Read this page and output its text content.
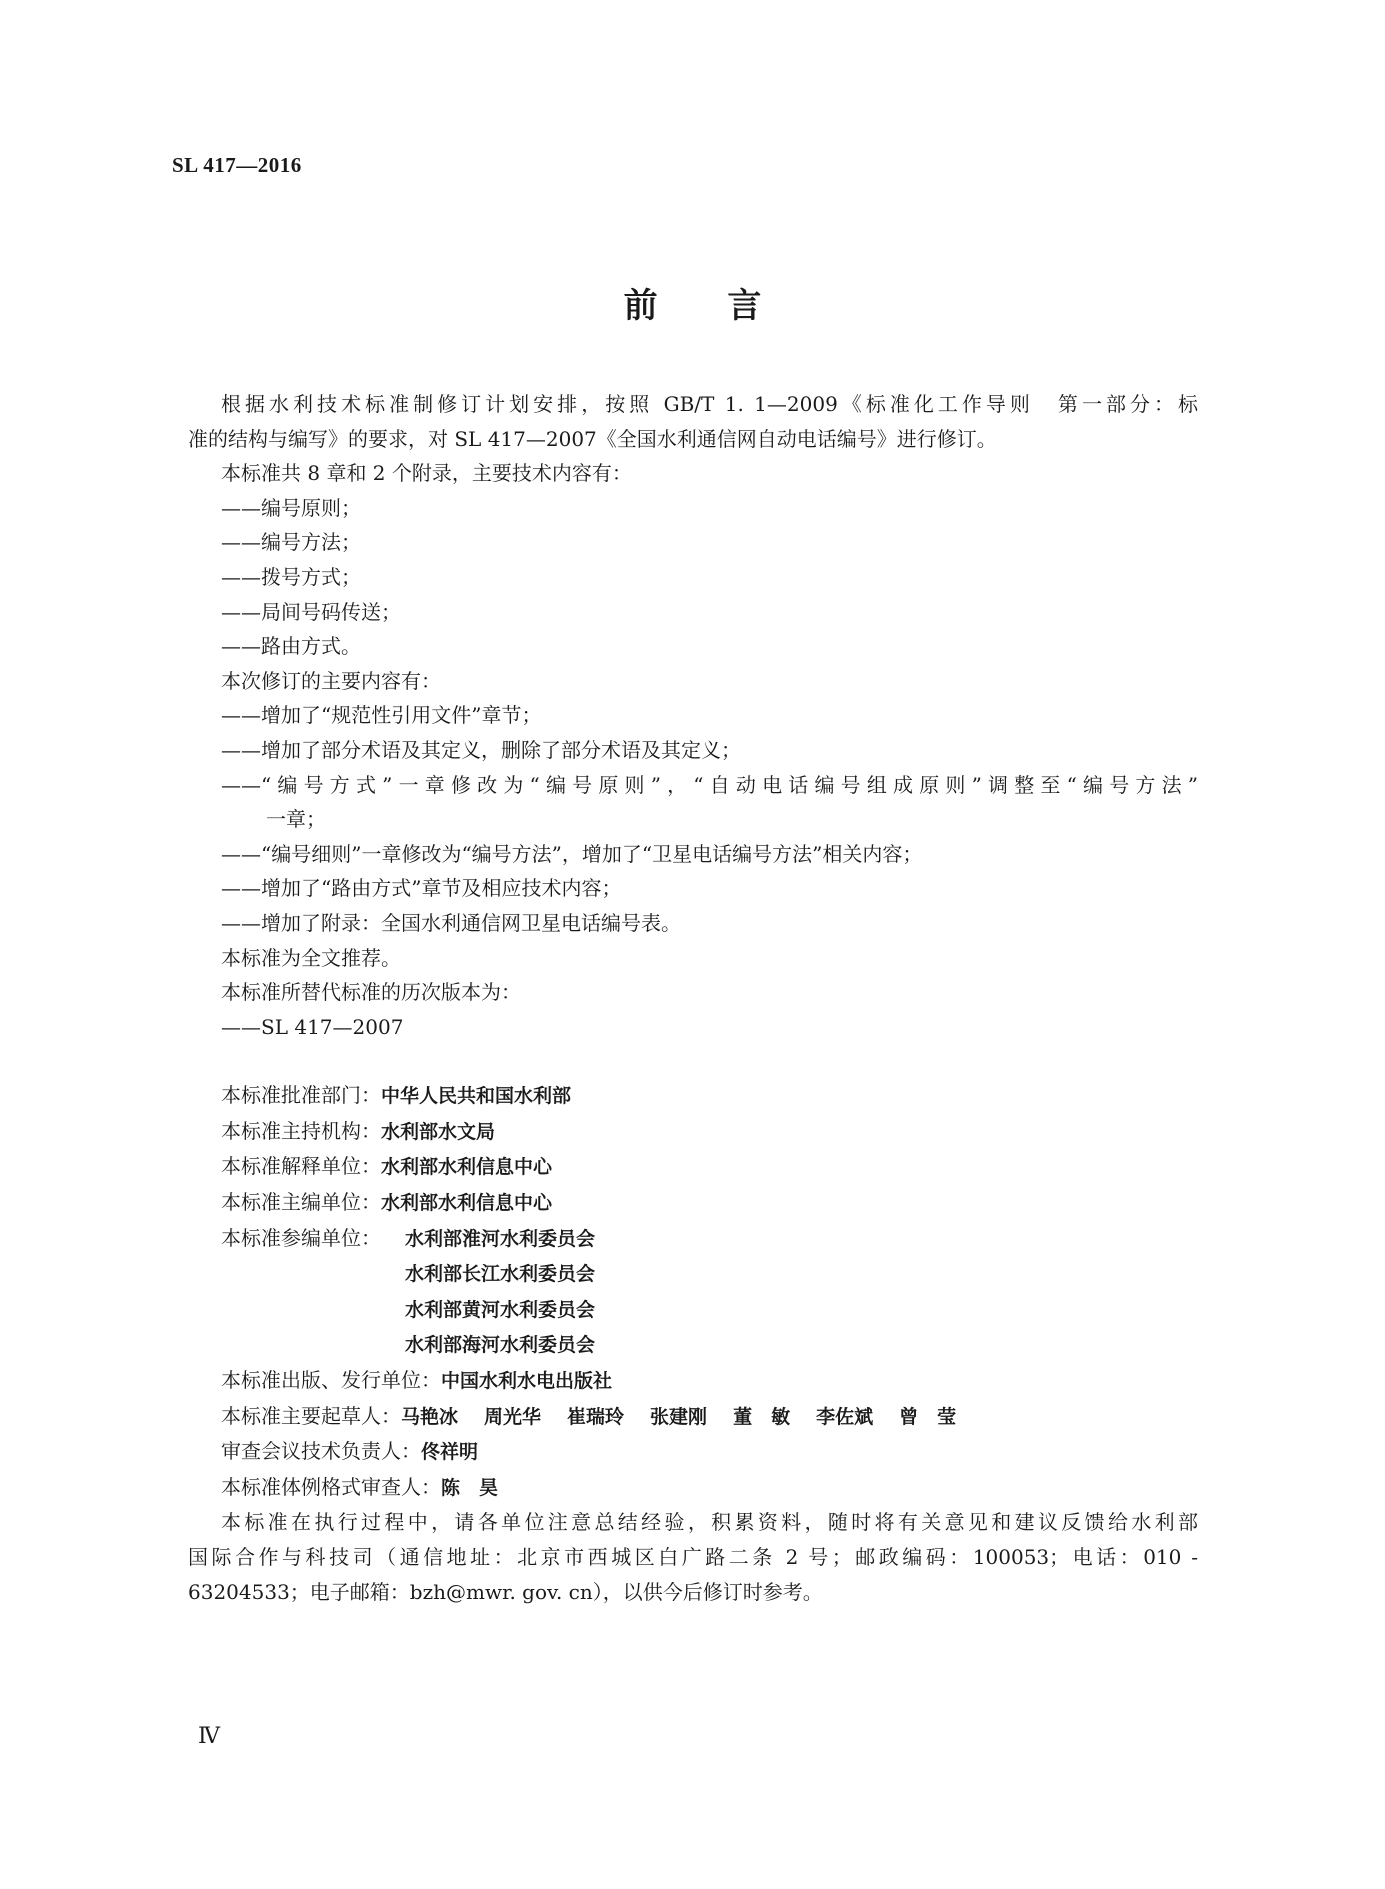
SL 417—2016
前 言
根据水利技术标准制修订计划安排，按照 GB/T 1. 1—2009《标准化工作导则　第一部分：标
准的结构与编写》的要求，对 SL 417—2007《全国水利通信网自动电话编号》进行修订。
本标准共 8 章和 2 个附录，主要技术内容有：
——编号原则；
——编号方法；
——拨号方式；
——局间号码传送；
——路由方式。
本次修订的主要内容有：
——增加了“规范性引用文件”章节；
——增加了部分术语及其定义，删除了部分术语及其定义；
——“编号方式”一章修改为“编号原则”，“自动电话编号组成原则”调整至“编号方法”
一章；
——“编号细则”一章修改为“编号方法”，增加了“卫星电话编号方法”相关内容；
——增加了“路由方式”章节及相应技术内容；
——增加了附录：全国水利通信网卫星电话编号表。
本标准为全文推荐。
本标准所替代标准的历次版本为：
——SL 417—2007
本标准批准部门：中华人民共和国水利部
本标准主持机构：水利部水文局
本标准解释单位：水利部水利信息中心
本标准主编单位：水利部水利信息中心
本标准参编单位： 水利部淮河水利委员会
水利部长江水利委员会
水利部黄河水利委员会
水利部海河水利委员会
本标准出版、发行单位：中国水利水电出版社
本标准主要起草人：马艳冰 周光华 崔瑞玲 张建刚 董　敏 李佐斌 曾　莹
审查会议技术负责人：佟祥明
本标准体例格式审查人：陈　昊
本标准在执行过程中，请各单位注意总结经验，积累资料，随时将有关意见和建议反馈给水利部
国际合作与科技司（通信地址：北京市西城区白广路二条 2 号；邮政编码：100053；电话：010 -
63204533；电子邮箱：bzh@mwr. gov. cn），以供今后修订时参考。
Ⅳ
